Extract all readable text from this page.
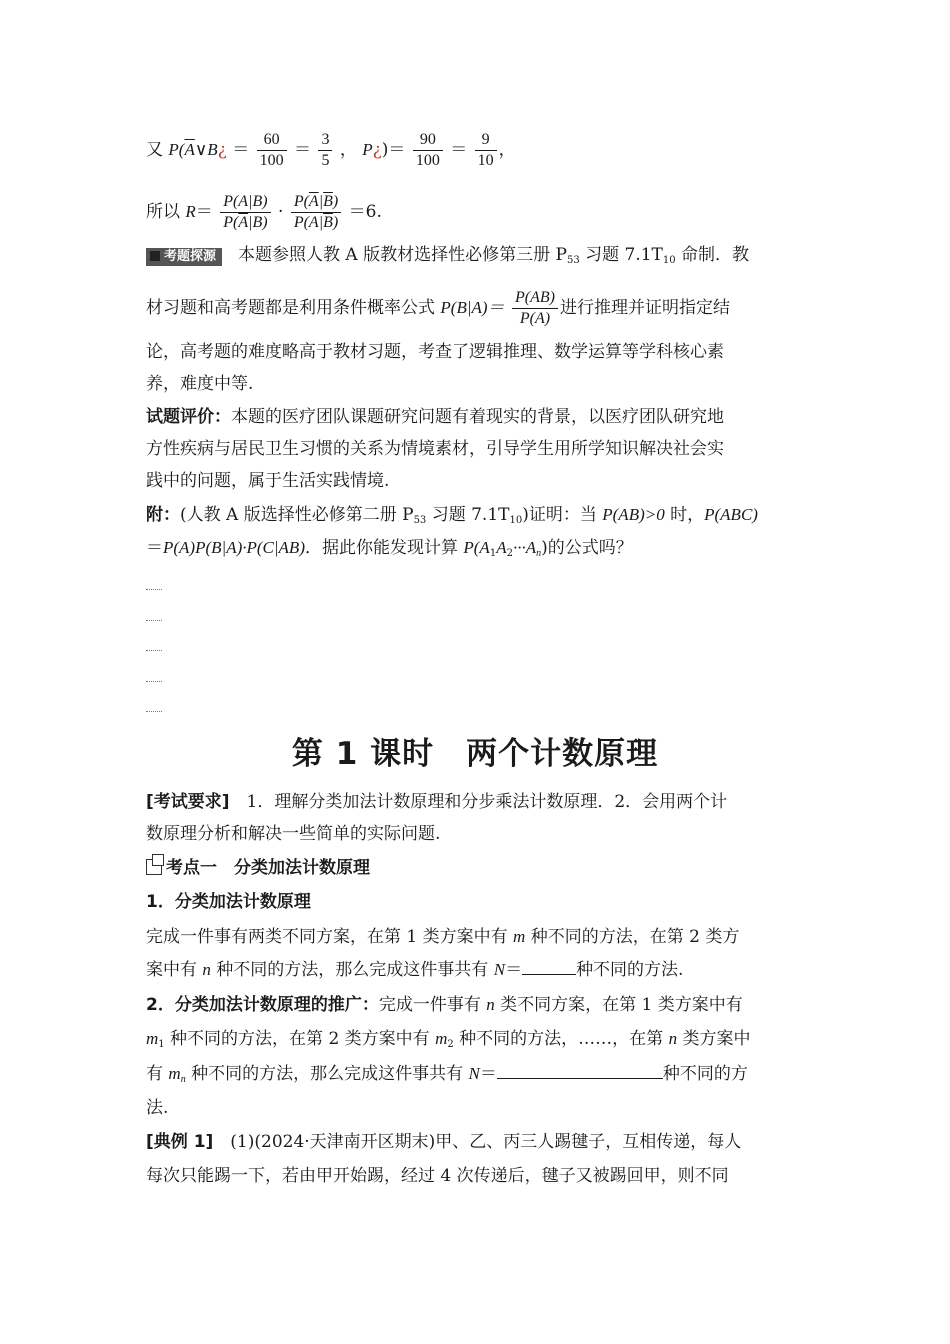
又 $P(\overline{A}\vee B¿ = \frac{60}{100} = \frac{3}{5}$ ， P¿)＝ $\frac{90}{100} = \frac{9}{10}$ ，
所以 $R= \frac{P(A|B)}{P(\overline{A}|B)} \cdot \frac{P(\overline{A}|\overline{B})}{P(A|\overline{B})} =6$.
考题探源 本题参照人教 A 版教材选择性必修第三册 $P_{53}$ 习题 $7.1T_{10}$ 命制．教
材习题和高考题都是利用条件概率公式 $P(B|A)= \frac{P(AB)}{P(A)}$ 进行推理并证明指定结
论，高考题的难度略高于教材习题，考查了逻辑推理、数学运算等学科核心素
养，难度中等.
试题评价：本题的医疗团队课题研究问题有着现实的背景，以医疗团队研究地
方性疾病与居民卫生习惯的关系为情境素材，引导学生用所学知识解决社会实
践中的问题，属于生活实践情境.
附：(人教 A 版选择性必修第二册 $P_{53}$ 习题 $7.1T_{10}$)证明：当 P(AB)>0 时，P(ABC)
＝P(A)P(B|A)·P(C|AB)．据此你能发现计算 $P(A_1A_2\cdot\cdot\cdot A_n)$的公式吗？
第 1 课时　两个计数原理
[考试要求]　1．理解分类加法计数原理和分步乘法计数原理．2．会用两个计
数原理分析和解决一些简单的实际问题.
考点一　分类加法计数原理
1．分类加法计数原理
完成一件事有两类不同方案，在第 1 类方案中有 m 种不同的方法，在第 2 类方
案中有 n 种不同的方法，那么完成这件事共有 N＝	种不同的方法.
2．分类加法计数原理的推广：完成一件事有 n 类不同方案，在第 1 类方案中有
$m_1$ 种不同的方法，在第 2 类方案中有 $m_2$ 种不同的方法，……，在第 n 类方案中
有 $m_n$ 种不同的方法，那么完成这件事共有 N＝	种不同的方
法.
[典例 1]　(1)(2024·天津南开区期末)甲、乙、丙三人踢毽子，互相传递，每人
每次只能踢一下，若由甲开始踢，经过 4 次传递后，毽子又被踢回甲，则不同
